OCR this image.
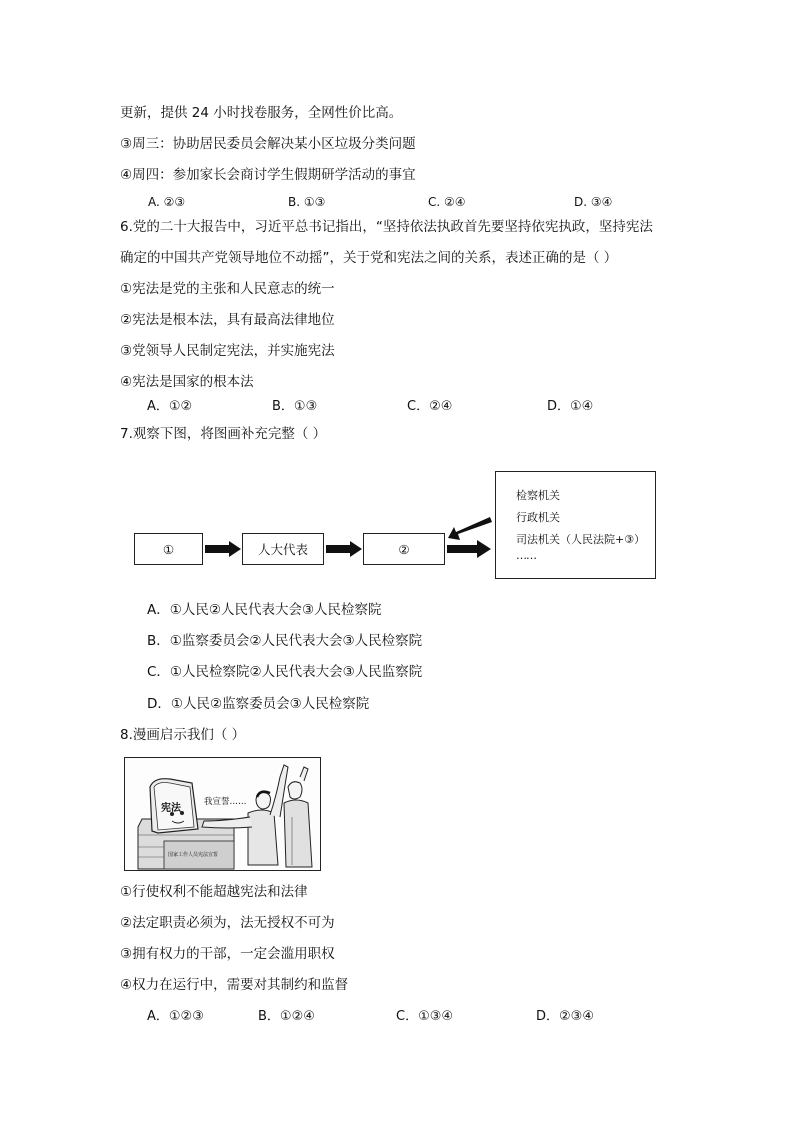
更新，提供 24 小时找卷服务，全网性价比高。
③周三：协助居民委员会解决某小区垃圾分类问题
④周四：参加家长会商讨学生假期研学活动的事宜
A. ②③	B. ①③	C. ②④	D. ③④
6.党的二十大报告中，习近平总书记指出，“坚持依法执政首先要坚持依宪执政，坚持宪法
确定的中国共产党领导地位不动摇”，关于党和宪法之间的关系，表述正确的是（ ）
①宪法是党的主张和人民意志的统一
②宪法是根本法，具有最高法律地位
③党领导人民制定宪法，并实施宪法
④宪法是国家的根本法
A．①②	B．①③	C．②④	D．①④
7.观察下图，将图画补充完整（ ）
①	人大代表	②
检察机关
行政机关
司法机关（人民法院+③）
……
A．①人民②人民代表大会③人民检察院
B．①监察委员会②人民代表大会③人民检察院
C．①人民检察院②人民代表大会③人民监察院
D．①人民②监察委员会③人民检察院
8.漫画启示我们（ ）
宪法
我宣誓……
国家工作人员宪法宣誓
①行使权利不能超越宪法和法律
②法定职责必须为，法无授权不可为
③拥有权力的干部，一定会滥用职权
④权力在运行中，需要对其制约和监督
A．①②③	B．①②④	C．①③④	D．②③④
